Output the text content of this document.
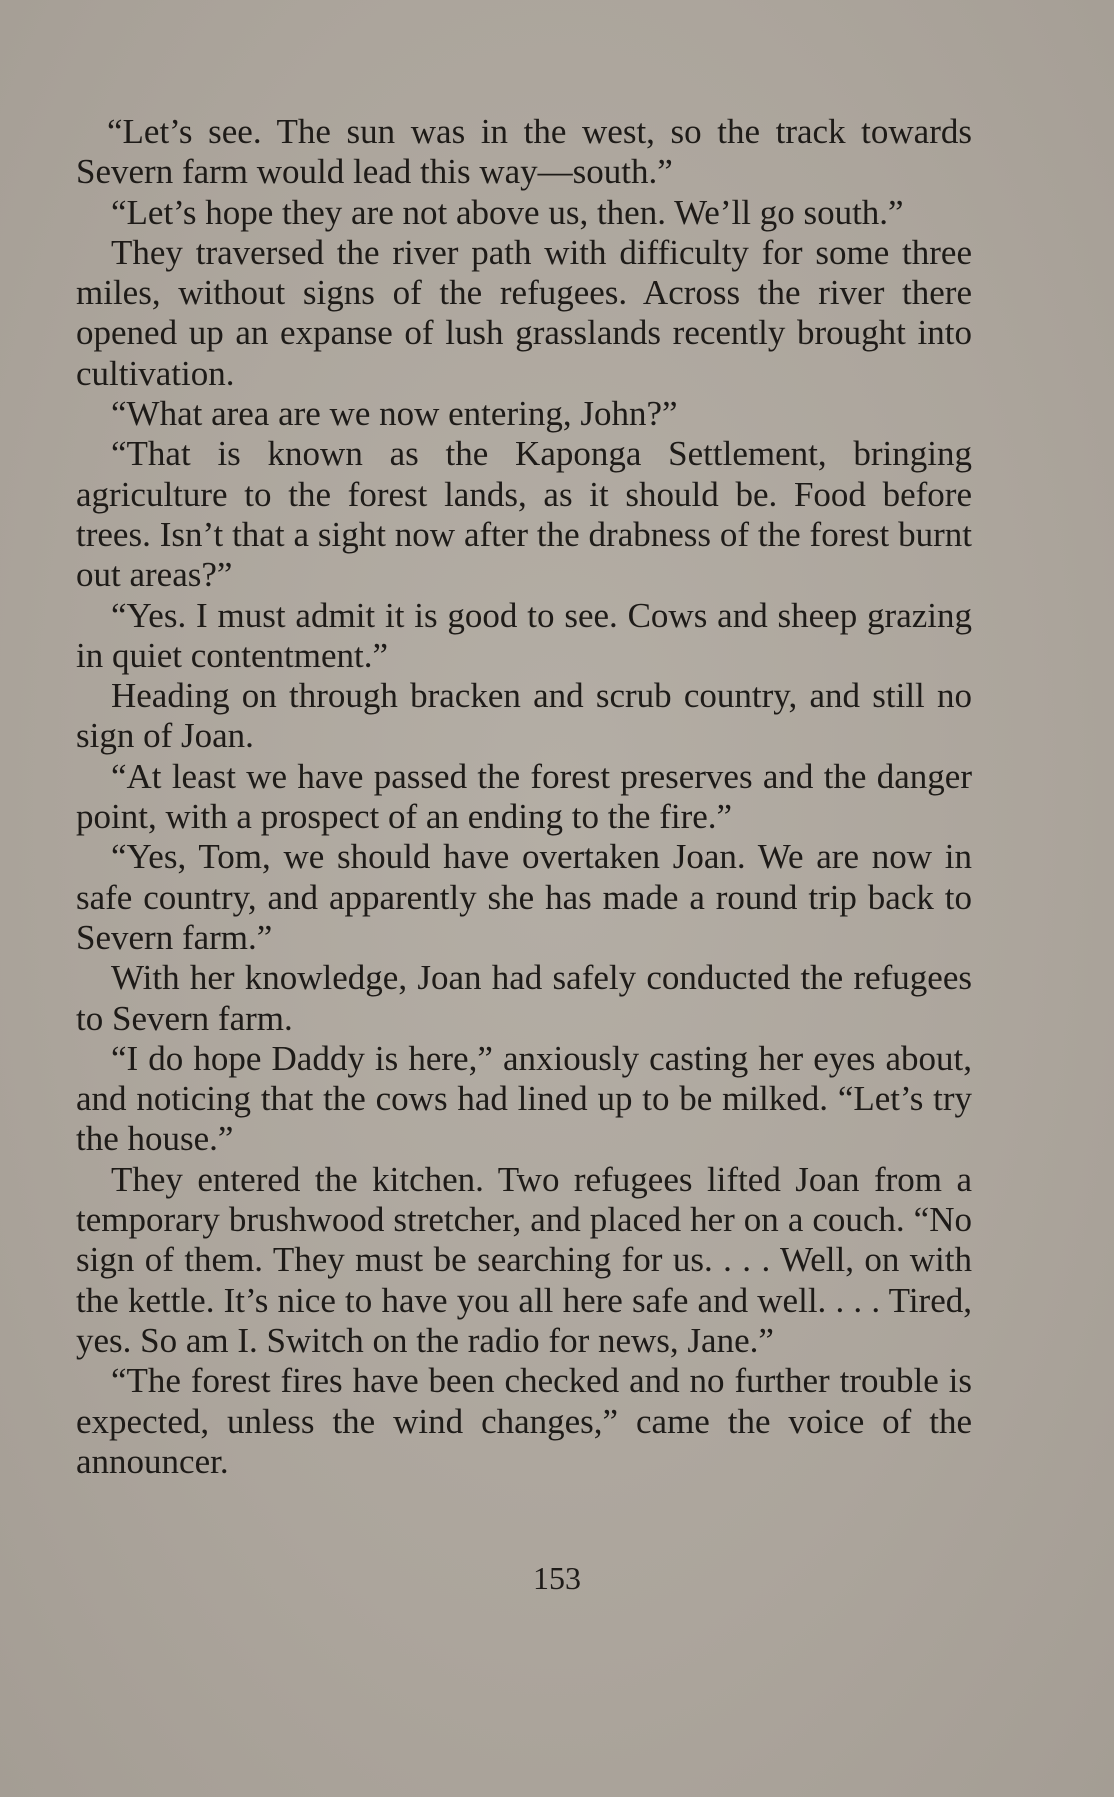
“Let’s see. The sun was in the west, so the track towards Severn farm would lead this way—south.”

“Let’s hope they are not above us, then. We’ll go south.”

They traversed the river path with difficulty for some three miles, without signs of the refugees. Across the river there opened up an expanse of lush grasslands recently brought into cultivation.

“What area are we now entering, John?”

“That is known as the Kaponga Settlement, bringing agriculture to the forest lands, as it should be. Food before trees. Isn’t that a sight now after the drabness of the forest burnt out areas?”

“Yes. I must admit it is good to see. Cows and sheep grazing in quiet contentment.”

Heading on through bracken and scrub country, and still no sign of Joan.

“At least we have passed the forest preserves and the danger point, with a prospect of an ending to the fire.”

“Yes, Tom, we should have overtaken Joan. We are now in safe country, and apparently she has made a round trip back to Severn farm.”

With her knowledge, Joan had safely conducted the refugees to Severn farm.

“I do hope Daddy is here,” anxiously casting her eyes about, and noticing that the cows had lined up to be milked. “Let’s try the house.”

They entered the kitchen. Two refugees lifted Joan from a temporary brushwood stretcher, and placed her on a couch. “No sign of them. They must be searching for us. . . . Well, on with the kettle. It’s nice to have you all here safe and well. . . . Tired, yes. So am I. Switch on the radio for news, Jane.”

“The forest fires have been checked and no further trouble is expected, unless the wind changes,” came the voice of the announcer.

153
